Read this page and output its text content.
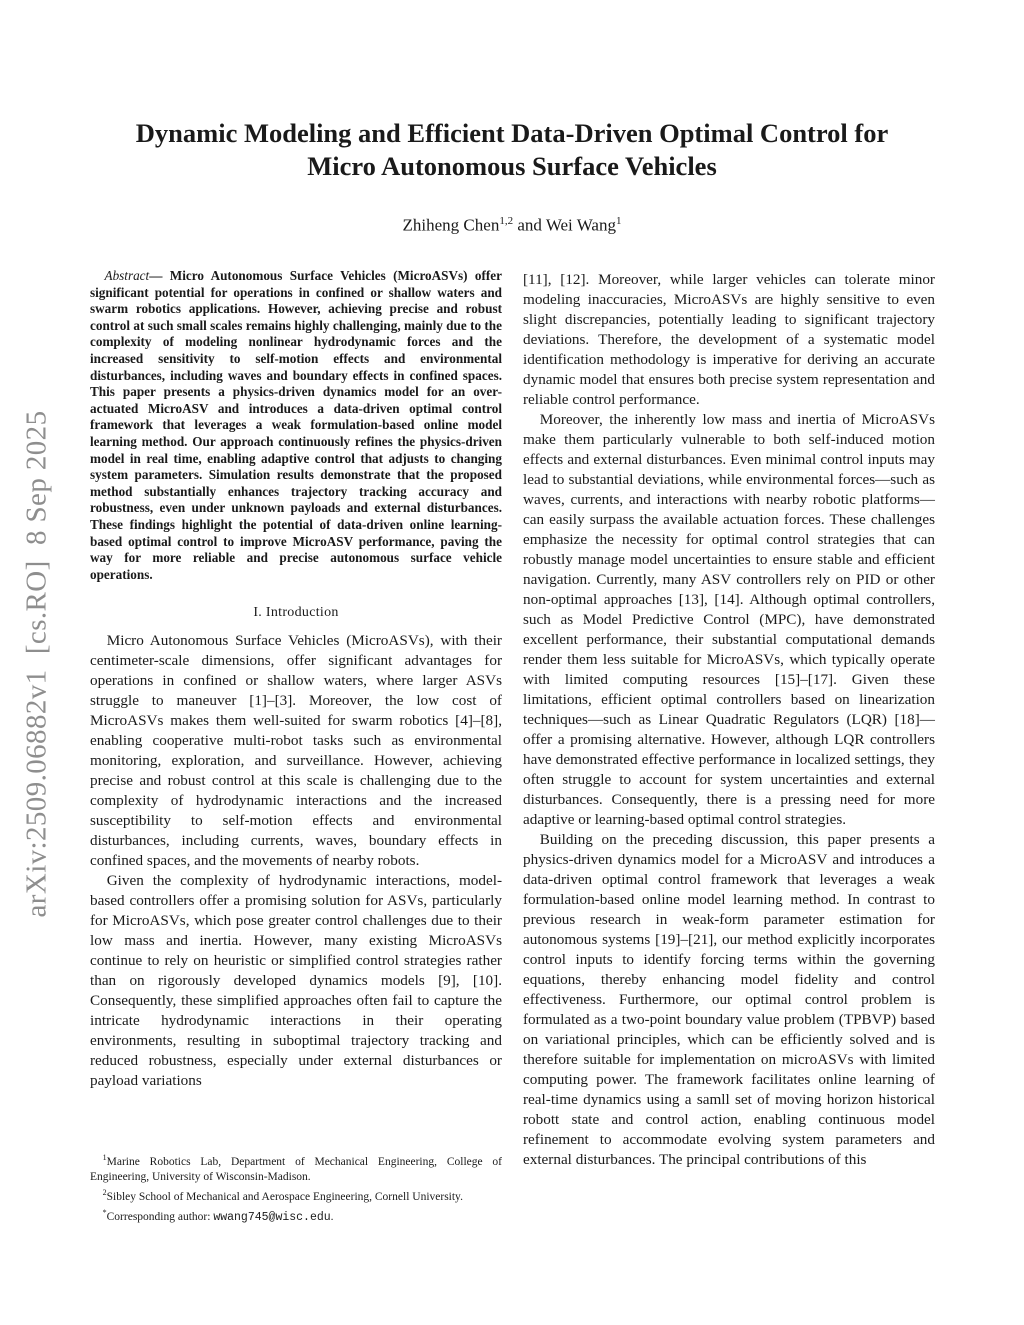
Dynamic Modeling and Efficient Data-Driven Optimal Control for
Micro Autonomous Surface Vehicles
Zhiheng Chen$^{1,2}$ and Wei Wang$^1$
arXiv:2509.06882v1  [cs.RO]  8 Sep 2025

Abstract— Micro Autonomous Surface Vehicles (MicroASVs) offer significant potential for operations in confined or shallow waters and swarm robotics applications. However, achieving precise and robust control at such small scales remains highly challenging, mainly due to the complexity of modeling nonlinear hydrodynamic forces and the increased sensitivity to self-motion effects and environmental disturbances, including waves and boundary effects in confined spaces. This paper presents a physics-driven dynamics model for an over-actuated MicroASV and introduces a data-driven optimal control framework that leverages a weak formulation-based online model learning method. Our approach continuously refines the physics-driven model in real time, enabling adaptive control that adjusts to changing system parameters. Simulation results demonstrate that the proposed method substantially enhances trajectory tracking accuracy and robustness, even under unknown payloads and external disturbances. These findings highlight the potential of data-driven online learning-based optimal control to improve MicroASV performance, paving the way for more reliable and precise autonomous surface vehicle operations.

I. Introduction

Micro Autonomous Surface Vehicles (MicroASVs), with their centimeter-scale dimensions, offer significant advantages for operations in confined or shallow waters, where larger ASVs struggle to maneuver [1]–[3]. Moreover, the low cost of MicroASVs makes them well-suited for swarm robotics [4]–[8], enabling cooperative multi-robot tasks such as environmental monitoring, exploration, and surveillance. However, achieving precise and robust control at this scale is challenging due to the complexity of hydrodynamic interactions and the increased susceptibility to self-motion effects and environmental disturbances, including currents, waves, boundary effects in confined spaces, and the movements of nearby robots.

Given the complexity of hydrodynamic interactions, model-based controllers offer a promising solution for ASVs, particularly for MicroASVs, which pose greater control challenges due to their low mass and inertia. However, many existing MicroASVs continue to rely on heuristic or simplified control strategies rather than on rigorously developed dynamics models [9], [10]. Consequently, these simplified approaches often fail to capture the intricate hydrodynamic interactions in their operating environments, resulting in suboptimal trajectory tracking and reduced robustness, especially under external disturbances or payload variations

[11], [12]. Moreover, while larger vehicles can tolerate minor modeling inaccuracies, MicroASVs are highly sensitive to even slight discrepancies, potentially leading to significant trajectory deviations. Therefore, the development of a systematic model identification methodology is imperative for deriving an accurate dynamic model that ensures both precise system representation and reliable control performance.

Moreover, the inherently low mass and inertia of MicroASVs make them particularly vulnerable to both self-induced motion effects and external disturbances. Even minimal control inputs may lead to substantial deviations, while environmental forces—such as waves, currents, and interactions with nearby robotic platforms—can easily surpass the available actuation forces. These challenges emphasize the necessity for optimal control strategies that can robustly manage model uncertainties to ensure stable and efficient navigation. Currently, many ASV controllers rely on PID or other non-optimal approaches [13], [14]. Although optimal controllers, such as Model Predictive Control (MPC), have demonstrated excellent performance, their substantial computational demands render them less suitable for MicroASVs, which typically operate with limited computing resources [15]–[17]. Given these limitations, efficient optimal controllers based on linearization techniques—such as Linear Quadratic Regulators (LQR) [18]—offer a promising alternative. However, although LQR controllers have demonstrated effective performance in localized settings, they often struggle to account for system uncertainties and external disturbances. Consequently, there is a pressing need for more adaptive or learning-based optimal control strategies.

Building on the preceding discussion, this paper presents a physics-driven dynamics model for a MicroASV and introduces a data-driven optimal control framework that leverages a weak formulation-based online model learning method. In contrast to previous research in weak-form parameter estimation for autonomous systems [19]–[21], our method explicitly incorporates control inputs to identify forcing terms within the governing equations, thereby enhancing model fidelity and control effectiveness. Furthermore, our optimal control problem is formulated as a two-point boundary value problem (TPBVP) based on variational principles, which can be efficiently solved and is therefore suitable for implementation on microASVs with limited computing power. The framework facilitates online learning of real-time dynamics using a samll set of moving horizon historical robott state and control action, enabling continuous model refinement to accommodate evolving system parameters and external disturbances. The principal contributions of this

$^1$Marine Robotics Lab, Department of Mechanical Engineering, College of Engineering, University of Wisconsin-Madison.

$^2$Sibley School of Mechanical and Aerospace Engineering, Cornell University.

*Corresponding author: wwang745@wisc.edu.
